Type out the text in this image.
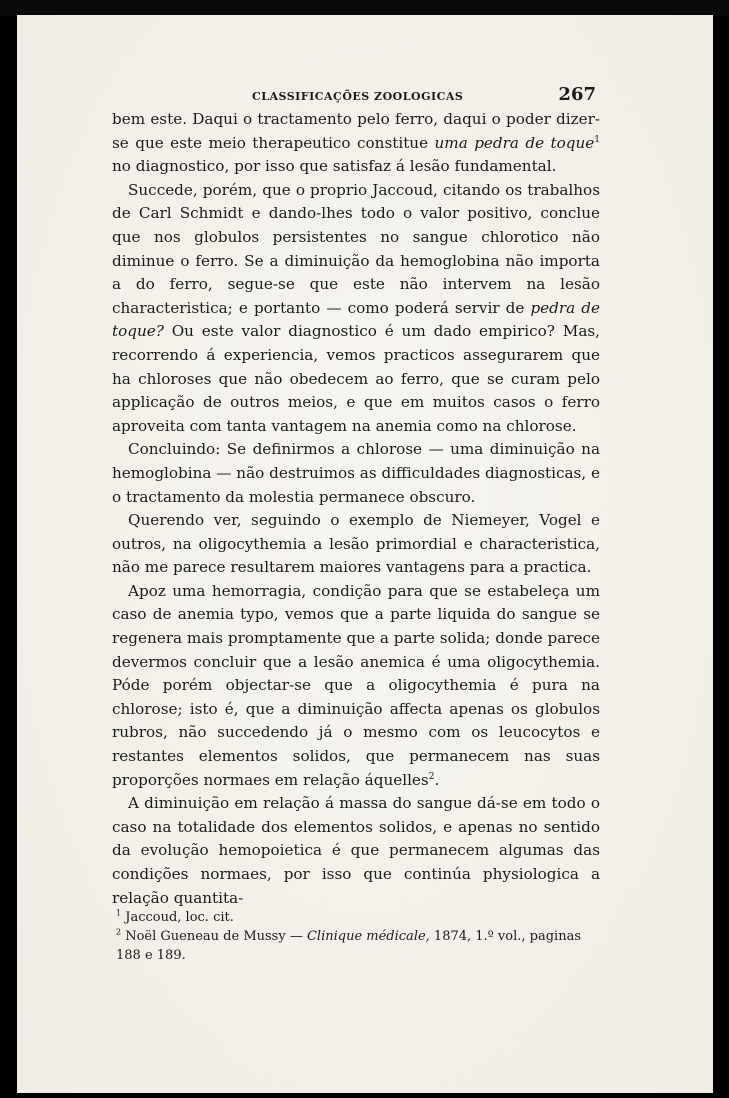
CLASSIFICAÇÕES ZOOLOGICAS	267

bem este. Daqui o tractamento pelo ferro, daqui o poder dizer-se que este meio therapeutico constitue uma pedra de toque$^1$ no diagnostico, por isso que satisfaz á lesão fundamental.

Succede, porém, que o proprio Jaccoud, citando os trabalhos de Carl Schmidt e dando-lhes todo o valor positivo, conclue que nos globulos persistentes no sangue chlorotico não diminue o ferro. Se a diminuição da hemoglobina não importa a do ferro, segue-se que este não intervem na lesão characteristica; e portanto — como poderá servir de pedra de toque? Ou este valor diagnostico é um dado empirico? Mas, recorrendo á experiencia, vemos practicos assegurarem que ha chloroses que não obedecem ao ferro, que se curam pelo applicação de outros meios, e que em muitos casos o ferro aproveita com tanta vantagem na anemia como na chlorose.

Concluindo: Se definirmos a chlorose — uma diminuição na hemoglobina — não destruimos as difficuldades diagnosticas, e o tractamento da molestia permanece obscuro.

Querendo ver, seguindo o exemplo de Niemeyer, Vogel e outros, na oligocythemia a lesão primordial e characteristica, não me parece resultarem maiores vantagens para a practica.

Apoz uma hemorragia, condição para que se estabeleça um caso de anemia typo, vemos que a parte liquida do sangue se regenera mais promptamente que a parte solida; donde parece devermos concluir que a lesão anemica é uma oligocythemia. Póde porém objectar-se que a oligocythemia é pura na chlorose; isto é, que a diminuição affecta apenas os globulos rubros, não succedendo já o mesmo com os leucocytos e restantes elementos solidos, que permanecem nas suas proporções normaes em relação áquelles$^2$.

A diminuição em relação á massa do sangue dá-se em todo o caso na totalidade dos elementos solidos, e apenas no sentido da evolução hemopoietica é que permanecem algumas das condições normaes, por isso que continúa physiologica a relação quantita-

$^1$ Jaccoud, loc. cit.

$^2$ Noël Gueneau de Mussy — Clinique médicale, 1874, 1.º vol., paginas 188 e 189.
